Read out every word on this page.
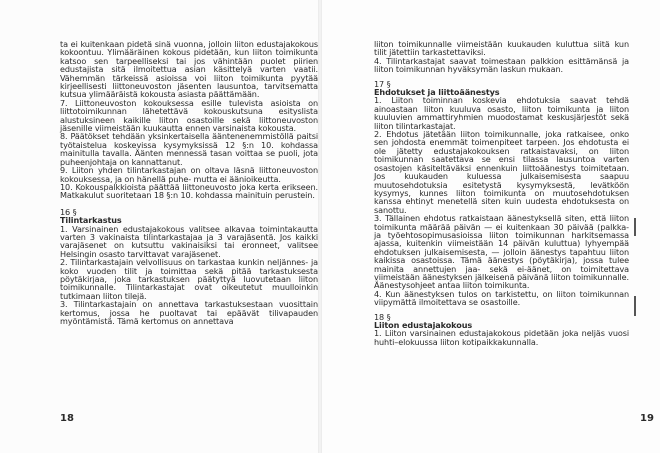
ta ei kuitenkaan pidetä sinä vuonna, jolloin liiton edustajakokous kokoontuu. Ylimääräinen kokous pidetään, kun liiton toimikunta katsoo sen tarpeelliseksi tai jos vähintään puolet piirien edustajista sitä ilmoitettua asian käsittelyä varten vaatii. Vähemmän tärkeissä asioissa voi liiton toimikunta pyytää kirjeellisesti liittoneuvoston jäsenten lausuntoa, tarvitsematta kutsua ylimääräistä kokousta asiasta päättämään.

7. Liittoneuvoston kokouksessa esille tulevista asioista on liittotoimikunnan lähetettävä kokouskutsuna esityslista alustuksineen kaikille liiton osastoille sekä liittoneuvoston jäsenille viimeistään kuukautta ennen varsinaista kokousta.

8. Päätökset tehdään yksinkertaisella ääntenenemmistöllä paitsi työtaistelua koskevissa kysymyksissä 12 §:n 10. kohdassa mainitulla tavalla. Äänten mennessä tasan voittaa se puoli, jota puheenjohtaja on kannattanut.

9. Liiton yhden tilintarkastajan on oltava läsnä liittoneuvoston kokouksessa, ja on hänellä puhe- mutta ei äänioikeutta.

10. Kokouspalkkioista päättää liittoneuvosto joka kerta erikseen. Matkakulut suoritetaan 18 §:n 10. kohdassa mainituin perustein.

16 §

Tilintarkastus

1. Varsinainen edustajakokous valitsee alkavaa toimintakautta varten 3 vakinaista tilintarkastajaa ja 3 varajäsentä. Jos kaikki varajäsenet on kutsuttu vakinaisiksi tai eronneet, valitsee Helsingin osasto tarvittavat varajäsenet.

2. Tilintarkastajain velvollisuus on tarkastaa kunkin neljännes- ja koko vuoden tilit ja toimittaa sekä pitää tarkastuksesta pöytäkirjaa, joka tarkastuksen päätyttyä luovutetaan liiton toimikunnalle. Tilintarkastajat ovat oikeutetut muulloinkin tutkimaan liiton tilejä.

3. Tilintarkastajain on annettava tarkastuksestaan vuosittain kertomus, jossa he puoltavat tai epäävät tilivapauden myöntämistä. Tämä kertomus on annettava

18

liiton toimikunnalle viimeistään kuukauden kuluttua siitä kun tilit jätettiin tarkastettaviksi.

4. Tilintarkastajat saavat toimestaan palkkion esittämänsä ja liiton toimikunnan hyväksymän laskun mukaan.

17 §

Ehdotukset ja liittoäänestys

1. Liiton toiminnan koskevia ehdotuksia saavat tehdä ainoastaan liiton kuuluva osasto, liiton toimikunta ja liiton kuuluvien ammattiryhmien muodostamat keskusjärjestöt sekä liiton tilintarkastajat.

2. Ehdotus jätetään liiton toimikunnalle, joka ratkaisee, onko sen johdosta enemmät toimenpiteet tarpeen. Jos ehdotusta ei ole jätetty edustajakokouksen ratkaistavaksi, on liiton toimikunnan saatettava se ensi tilassa lausuntoa varten osastojen käsiteltäväksi ennenkuin liittoäänestys toimitetaan. Jos kuukauden kuluessa julkaisemisesta saapuu muutosehdotuksia esitetystä kysymyksestä, levätköön kysymys, kunnes liiton toimikunta on muutosehdotuksen kanssa ehtinyt menetellä siten kuin uudesta ehdotuksesta on sanottu.

3. Tällainen ehdotus ratkaistaan äänestyksellä siten, että liiton toimikunta määrää päivän — ei kuitenkaan 30 päivää (palkka- ja työehtosopimusasioissa liiton toimikunnan harkitsemassa ajassa, kuitenkin viimeistään 14 päivän kuluttua) lyhyempää ehdotuksen julkaisemisesta, — jolloin äänestys tapahtuu liiton kaikissa osastoissa. Tämä äänestys (pöytäkirja), jossa tulee mainita annettujen jaa- sekä ei-äänet, on toimitettava viimeistään äänestyksen jälkeisenä päivänä liiton toimikunnalle. Äänestysohjeet antaa liiton toimikunta.

4. Kun äänestyksen tulos on tarkistettu, on liiton toimikunnan viipymättä ilmoitettava se osastoille.

18 §

Liiton edustajakokous

1. Liiton varsinainen edustajakokous pidetään joka neljäs vuosi huhti–elokuussa liiton kotipaikkakunnalla.

19
